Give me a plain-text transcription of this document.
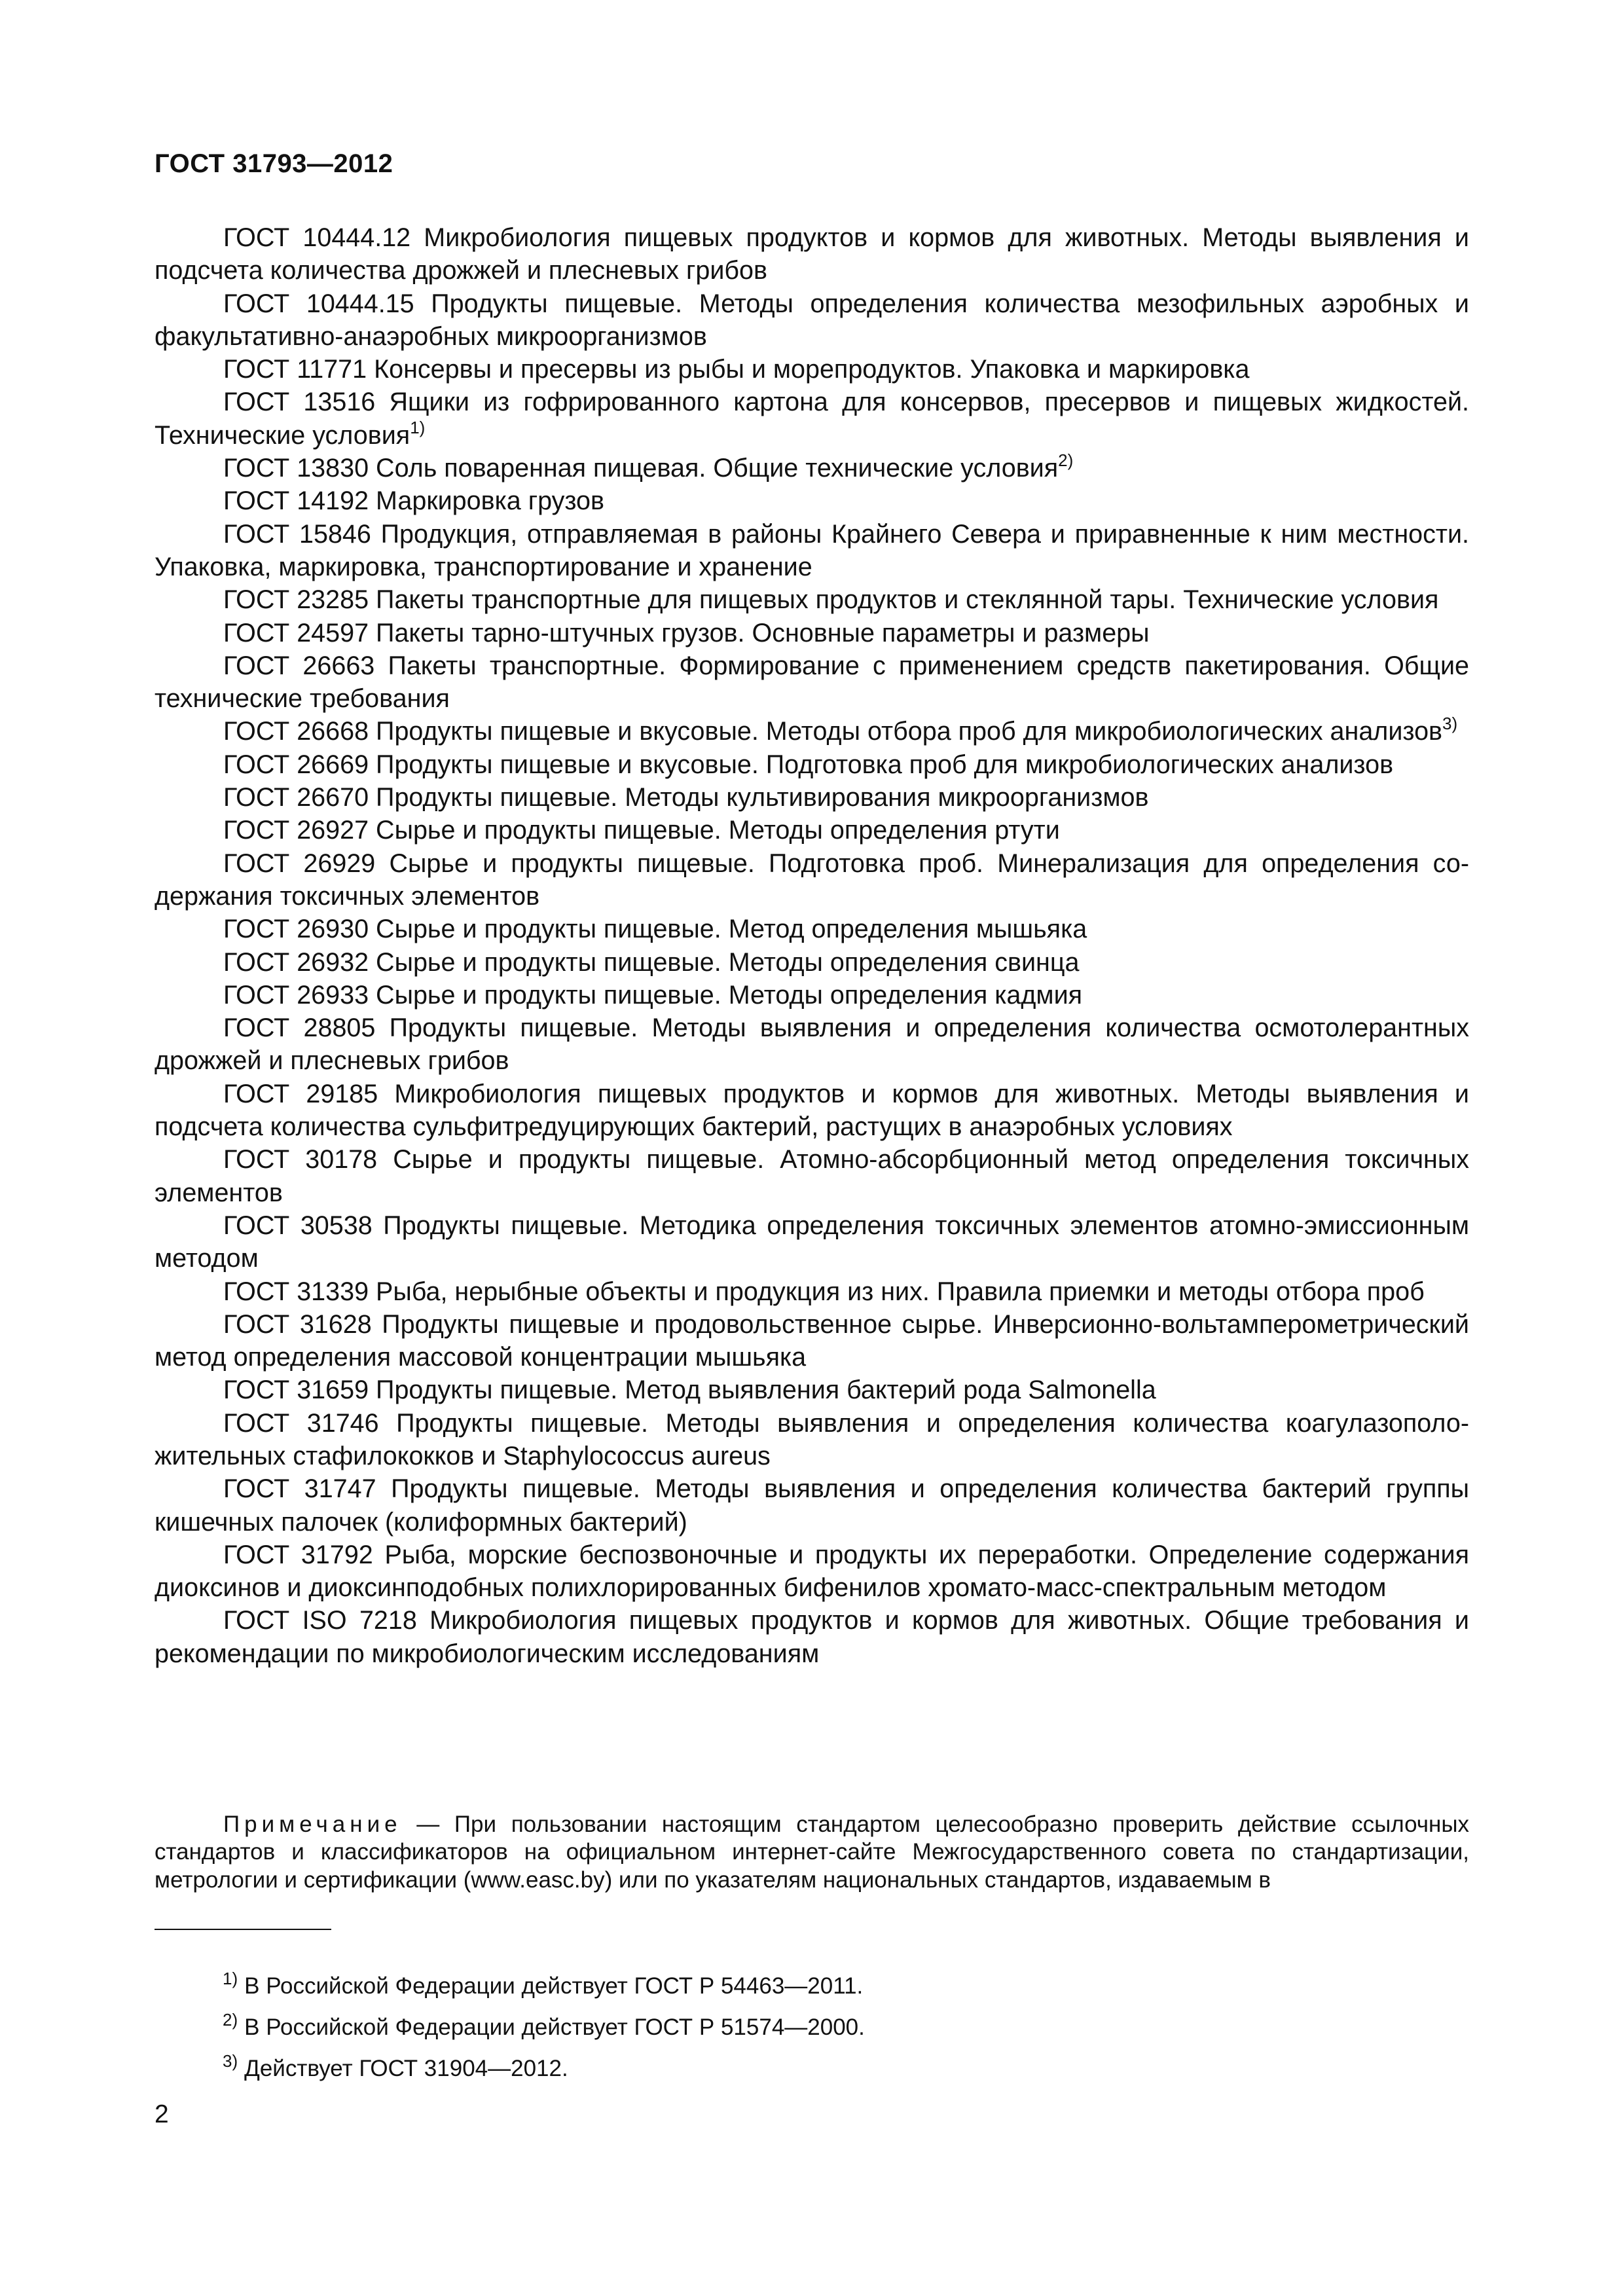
ГОСТ 31793—2012

ГОСТ 10444.12 Микробиология пищевых продуктов и кормов для животных. Методы выявления и подсчета количества дрожжей и плесневых грибов

ГОСТ 10444.15 Продукты пищевые. Методы определения количества мезофильных аэробных и факультативно-анаэробных микроорганизмов

ГОСТ 11771 Консервы и пресервы из рыбы и морепродуктов. Упаковка и маркировка

ГОСТ 13516 Ящики из гофрированного картона для консервов, пресервов и пищевых жидкостей. Технические условия$^{1)}$

ГОСТ 13830 Соль поваренная пищевая. Общие технические условия$^{2)}$

ГОСТ 14192 Маркировка грузов

ГОСТ 15846 Продукция, отправляемая в районы Крайнего Севера и приравненные к ним местности. Упаковка, маркировка, транспортирование и хранение

ГОСТ 23285 Пакеты транспортные для пищевых продуктов и стеклянной тары. Технические условия

ГОСТ 24597 Пакеты тарно-штучных грузов. Основные параметры и размеры

ГОСТ 26663 Пакеты транспортные. Формирование с применением средств пакетирования. Общие технические требования

ГОСТ 26668 Продукты пищевые и вкусовые. Методы отбора проб для микробиологических анализов$^{3)}$

ГОСТ 26669 Продукты пищевые и вкусовые. Подготовка проб для микробиологических анализов

ГОСТ 26670 Продукты пищевые. Методы культивирования микроорганизмов

ГОСТ 26927 Сырье и продукты пищевые. Методы определения ртути

ГОСТ 26929 Сырье и продукты пищевые. Подготовка проб. Минерализация для определения содержания токсичных элементов

ГОСТ 26930 Сырье и продукты пищевые. Метод определения мышьяка

ГОСТ 26932 Сырье и продукты пищевые. Методы определения свинца

ГОСТ 26933 Сырье и продукты пищевые. Методы определения кадмия

ГОСТ 28805 Продукты пищевые. Методы выявления и определения количества осмотолерантных дрожжей и плесневых грибов

ГОСТ 29185 Микробиология пищевых продуктов и кормов для животных. Методы выявления и подсчета количества сульфитредуцирующих бактерий, растущих в анаэробных условиях

ГОСТ 30178 Сырье и продукты пищевые. Атомно-абсорбционный метод определения токсичных элементов

ГОСТ 30538 Продукты пищевые. Методика определения токсичных элементов атомно-эмиссионным методом

ГОСТ 31339 Рыба, нерыбные объекты и продукция из них. Правила приемки и методы отбора проб

ГОСТ 31628 Продукты пищевые и продовольственное сырье. Инверсионно-вольтамперометрический метод определения массовой концентрации мышьяка

ГОСТ 31659 Продукты пищевые. Метод выявления бактерий рода Salmonella

ГОСТ 31746 Продукты пищевые. Методы выявления и определения количества коагулазоположительных стафилококков и Staphylococcus aureus

ГОСТ 31747 Продукты пищевые. Методы выявления и определения количества бактерий группы кишечных палочек (колиформных бактерий)

ГОСТ 31792 Рыба, морские беспозвоночные и продукты их переработки. Определение содержания диоксинов и диоксинподобных полихлорированных бифенилов хромато-масс-спектральным методом

ГОСТ ISO 7218 Микробиология пищевых продуктов и кормов для животных. Общие требования и рекомендации по микробиологическим исследованиям

Примечание — При пользовании настоящим стандартом целесообразно проверить действие ссылочных стандартов и классификаторов на официальном интернет-сайте Межгосударственного совета по стандартизации, метрологии и сертификации (www.easc.by) или по указателям национальных стандартов, издаваемым в

$^{1)}$ В Российской Федерации действует ГОСТ Р 54463—2011.

$^{2)}$ В Российской Федерации действует ГОСТ Р 51574—2000.

$^{3)}$ Действует ГОСТ 31904—2012.

2
